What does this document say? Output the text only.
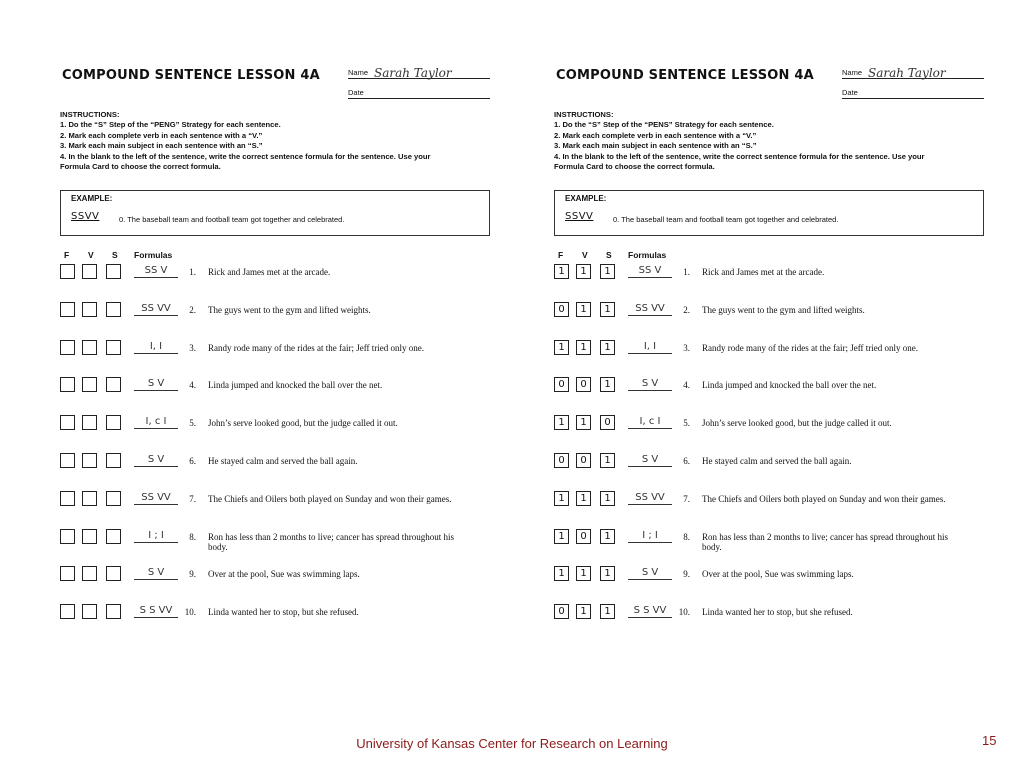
COMPOUND SENTENCE LESSON 4A	Name Sarah Taylor
Date
INSTRUCTIONS:
1. Do the “S” Step of the “PENG” Strategy for each sentence.
2. Mark each complete verb in each sentence with a “V.”
3. Mark each main subject in each sentence with an “S.”
4. In the blank to the left of the sentence, write the correct sentence formula for the sentence. Use your
Formula Card to choose the correct formula.
EXAMPLE:
SSVV	0. The baseball team and football team got together and celebrated.
F V S Formulas
SS V	1. Rick and James met at the arcade.
SS VV	2. The guys went to the gym and lifted weights.
I, I	3. Randy rode many of the rides at the fair; Jeff tried only one.
S V	4. Linda jumped and knocked the ball over the net.
I, c I	5. John’s serve looked good, but the judge called it out.
S V	6. He stayed calm and served the ball again.
SS VV	7. The Chiefs and Oilers both played on Sunday and won their games.
I ; I	8. Ron has less than 2 months to live; cancer has spread throughout his
body.
S V	9. Over at the pool, Sue was swimming laps.
S S VV	10. Linda wanted her to stop, but she refused.
COMPOUND SENTENCE LESSON 4A	Name Sarah Taylor
Date
INSTRUCTIONS:
1. Do the “S” Step of the “PENS” Strategy for each sentence.
2. Mark each complete verb in each sentence with a “V.”
3. Mark each main subject in each sentence with an “S.”
4. In the blank to the left of the sentence, write the correct sentence formula for the sentence. Use your
Formula Card to choose the correct formula.
EXAMPLE:
SSVV	0. The baseball team and football team got together and celebrated.
F V S Formulas
1	1	1	SS V	1. Rick and James met at the arcade.
0	1	1	SS VV	2. The guys went to the gym and lifted weights.
1	1	1	I, I	3. Randy rode many of the rides at the fair; Jeff tried only one.
0	0	1	S V	4. Linda jumped and knocked the ball over the net.
1	1	0	I, c I	5. John’s serve looked good, but the judge called it out.
0	0	1	S V	6. He stayed calm and served the ball again.
1	1	1	SS VV	7. The Chiefs and Oilers both played on Sunday and won their games.
1	0	1	I ; I	8. Ron has less than 2 months to live; cancer has spread throughout his
body.
1	1	1	S V	9. Over at the pool, Sue was swimming laps.
0	1	1	S S VV	10. Linda wanted her to stop, but she refused.
University of Kansas Center for Research on Learning	15
